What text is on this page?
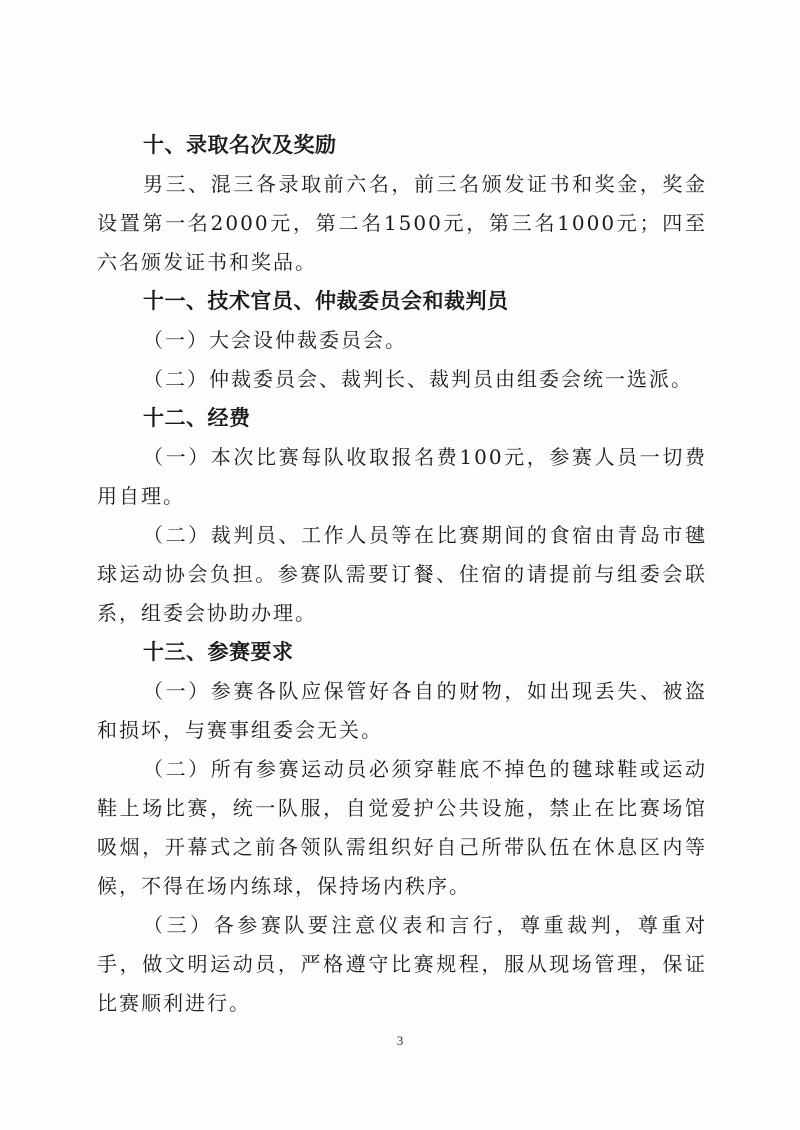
十、录取名次及奖励

男三、混三各录取前六名，前三名颁发证书和奖金，奖金设置第一名2000元，第二名1500元，第三名1000元；四至六名颁发证书和奖品。

十一、技术官员、仲裁委员会和裁判员

（一）大会设仲裁委员会。

（二）仲裁委员会、裁判长、裁判员由组委会统一选派。

十二、经费

（一）本次比赛每队收取报名费100元，参赛人员一切费用自理。

（二）裁判员、工作人员等在比赛期间的食宿由青岛市毽球运动协会负担。参赛队需要订餐、住宿的请提前与组委会联系，组委会协助办理。

十三、参赛要求

（一）参赛各队应保管好各自的财物，如出现丢失、被盗和损坏，与赛事组委会无关。

（二）所有参赛运动员必须穿鞋底不掉色的毽球鞋或运动鞋上场比赛，统一队服，自觉爱护公共设施，禁止在比赛场馆吸烟，开幕式之前各领队需组织好自己所带队伍在休息区内等候，不得在场内练球，保持场内秩序。

（三）各参赛队要注意仪表和言行，尊重裁判，尊重对手，做文明运动员，严格遵守比赛规程，服从现场管理，保证比赛顺利进行。

3
